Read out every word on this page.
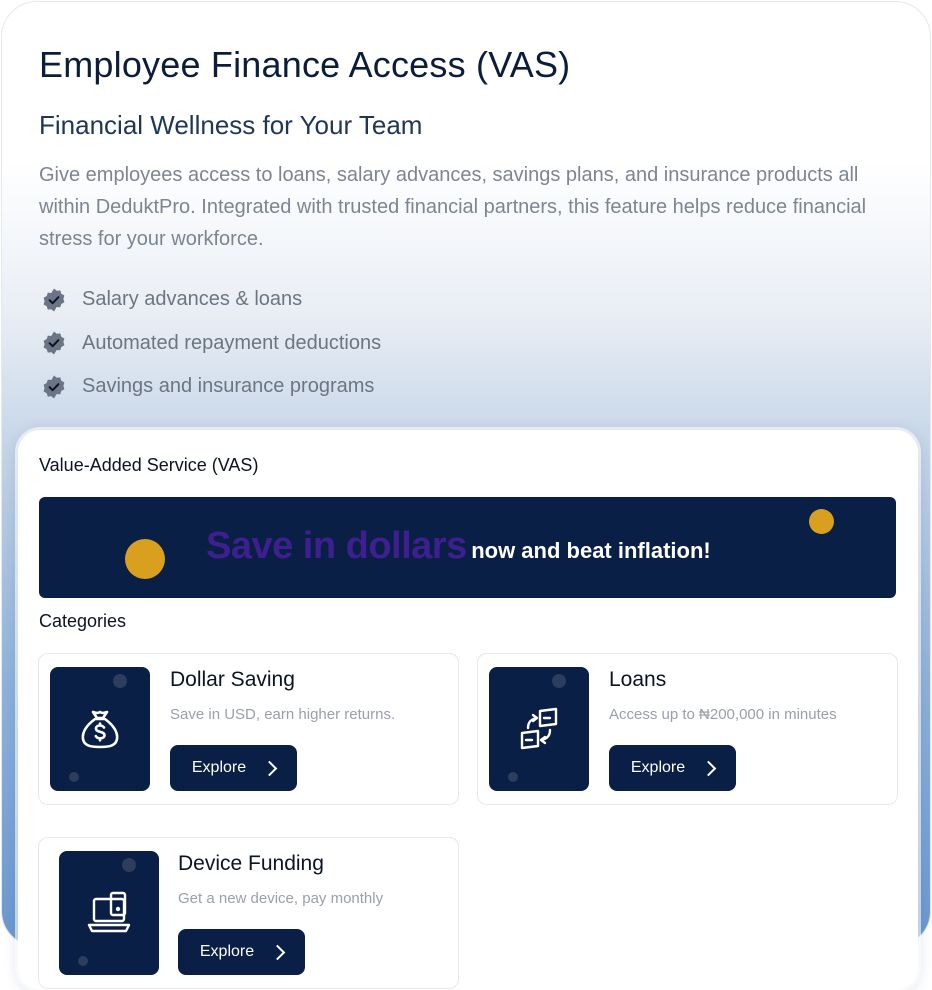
Employee Finance Access (VAS)
Financial Wellness for Your Team

Give employees access to loans, salary advances, savings plans, and insurance products all within DeduktPro. Integrated with trusted financial partners, this feature helps reduce financial stress for your workforce.

Salary advances & loans
Automated repayment deductions
Savings and insurance programs
Value-Added Service (VAS)
Save in dollars now and beat inflation!
Categories
Dollar Saving
Save in USD, earn higher returns.
Explore
Loans
Access up to ₦200,000 in minutes
Explore
Device Funding
Get a new device, pay monthly
Explore
